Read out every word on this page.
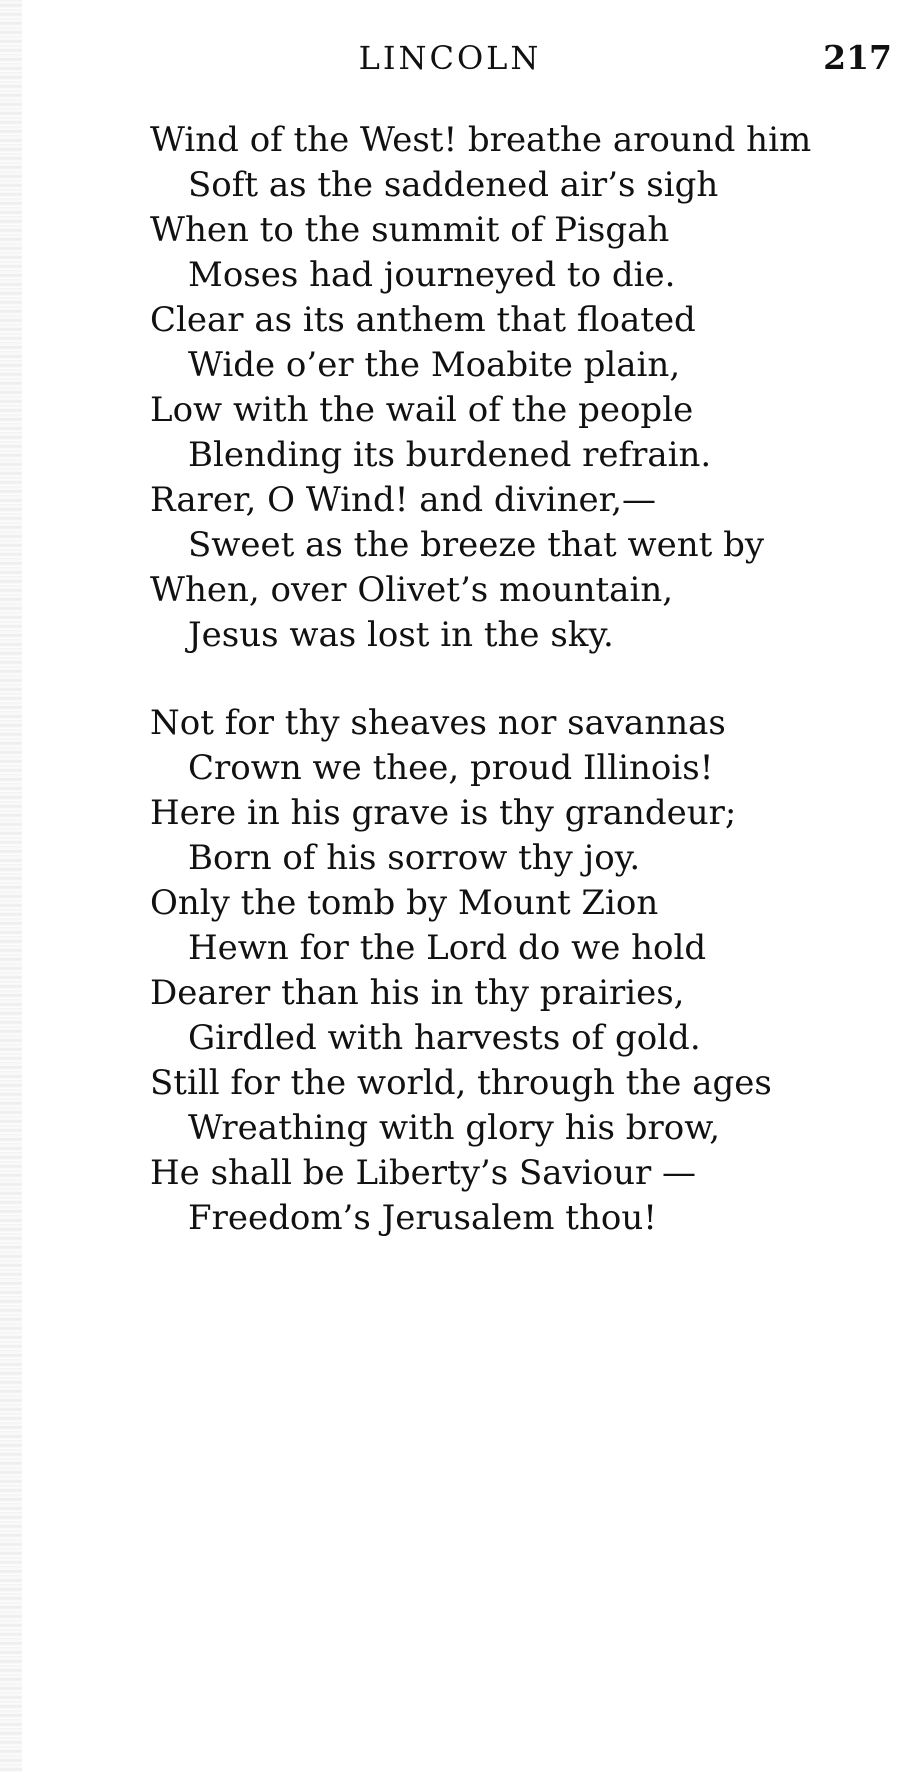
LINCOLN	217
Wind of the West! breathe around him
Soft as the saddened air’s sigh
When to the summit of Pisgah
Moses had journeyed to die.
Clear as its anthem that floated
Wide o’er the Moabite plain,
Low with the wail of the people
Blending its burdened refrain.
Rarer, O Wind! and diviner,—
Sweet as the breeze that went by
When, over Olivet’s mountain,
Jesus was lost in the sky.
Not for thy sheaves nor savannas
Crown we thee, proud Illinois!
Here in his grave is thy grandeur;
Born of his sorrow thy joy.
Only the tomb by Mount Zion
Hewn for the Lord do we hold
Dearer than his in thy prairies,
Girdled with harvests of gold.
Still for the world, through the ages
Wreathing with glory his brow,
He shall be Liberty’s Saviour —
Freedom’s Jerusalem thou!
